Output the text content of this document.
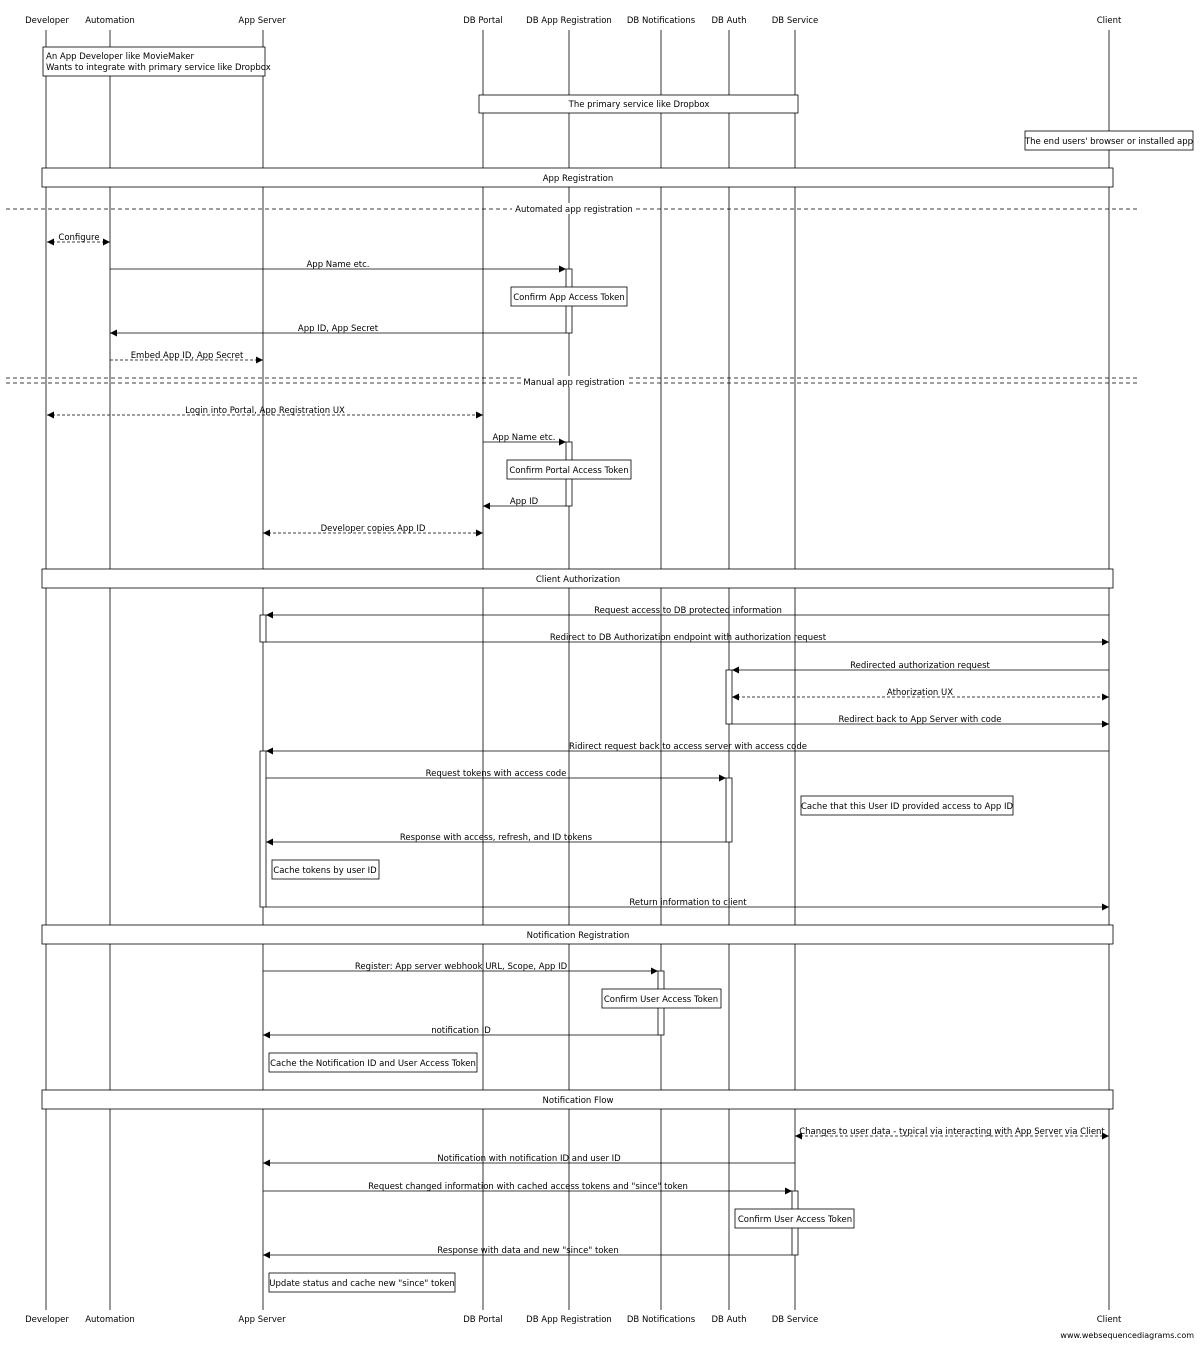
Developer Automation	App Server	DB Portal	DB App Registration DB Notifications DB Auth	DB Service	Client
Developer Automation	App Server	DB Portal	DB App Registration DB Notifications DB Auth	DB Service	Client
App Registration
Client Authorization
Notification Registration
Notification Flow
Automated app registration
Manual app registration
An App Developer like MovieMaker
Wants to integrate with primary service like Dropbox
The primary service like Dropbox
The end users' browser or installed app
Confirm App Access Token
Confirm Portal Access Token
Cache that this User ID provided access to App ID
Cache tokens by user ID
Confirm User Access Token
Cache the Notification ID and User Access Token
Confirm User Access Token
Update status and cache new "since" token
Configure
App Name etc.
App ID, App Secret
Embed App ID, App Secret
Login into Portal, App Registration UX
App Name etc.
App ID
Developer copies App ID
Request access to DB protected information
Redirect to DB Authorization endpoint with authorization request
Redirected authorization request
Athorization UX
Redirect back to App Server with code
Ridirect request back to access server with access code
Request tokens with access code
Response with access, refresh, and ID tokens
Return information to client
Register: App server webhook URL, Scope, App ID
notification ID
Changes to user data - typical via interacting with App Server via Client
Notification with notification ID and user ID
Request changed information with cached access tokens and "since" token
Response with data and new "since" token
www.websequencediagrams.com
